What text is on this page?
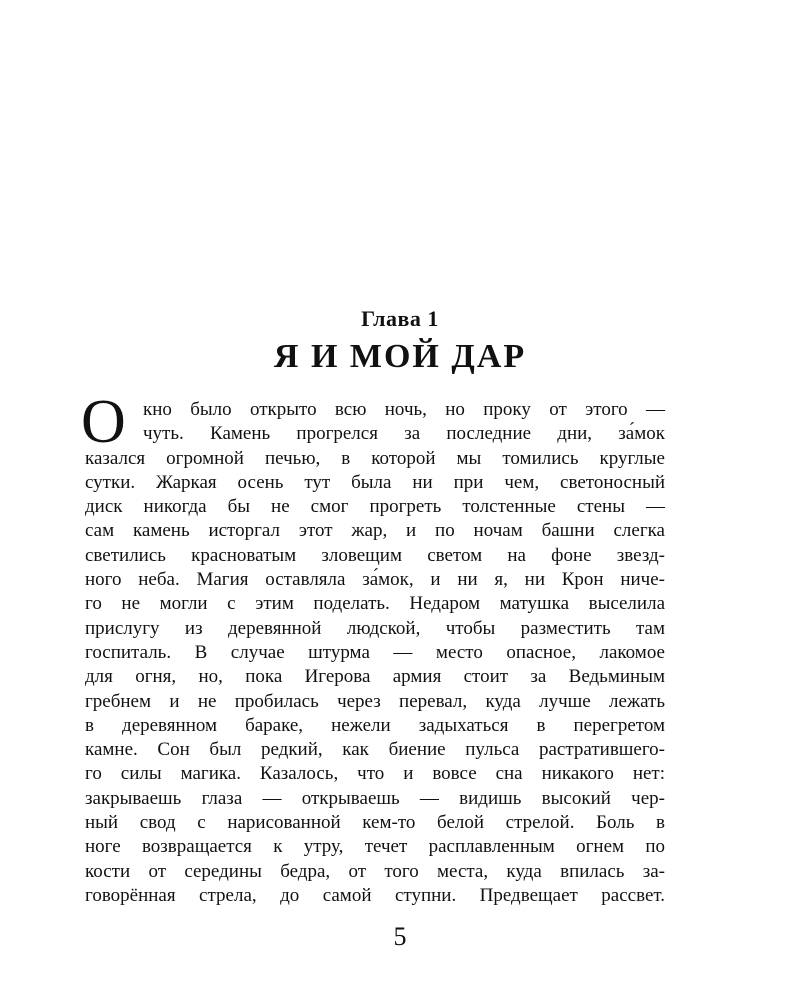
Глава 1
Я И МОЙ ДАР
О кно было открыто всю ночь, но проку от этого —
чуть. Камень прогрелся за последние дни, за́мок
казался огромной печью, в которой мы томились круглые
сутки. Жаркая осень тут была ни при чем, светоносный
диск никогда бы не смог прогреть толстенные стены —
сам камень исторгал этот жар, и по ночам башни слегка
светились красноватым зловещим светом на фоне звезд-
ного неба. Магия оставляла за́мок, и ни я, ни Крон ниче-
го не могли с этим поделать. Недаром матушка выселила
прислугу из деревянной людской, чтобы разместить там
госпиталь. В случае штурма — место опасное, лакомое
для огня, но, пока Игерова армия стоит за Ведьминым
гребнем и не пробилась через перевал, куда лучше лежать
в деревянном бараке, нежели задыхаться в перегретом
камне. Сон был редкий, как биение пульса растратившего-
го силы магика. Казалось, что и вовсе сна никакого нет:
закрываешь глаза — открываешь — видишь высокий чер-
ный свод с нарисованной кем-то белой стрелой. Боль в
ноге возвращается к утру, течет расплавленным огнем по
кости от середины бедра, от того места, куда впилась за-
говорённая стрела, до самой ступни. Предвещает рассвет.
5
